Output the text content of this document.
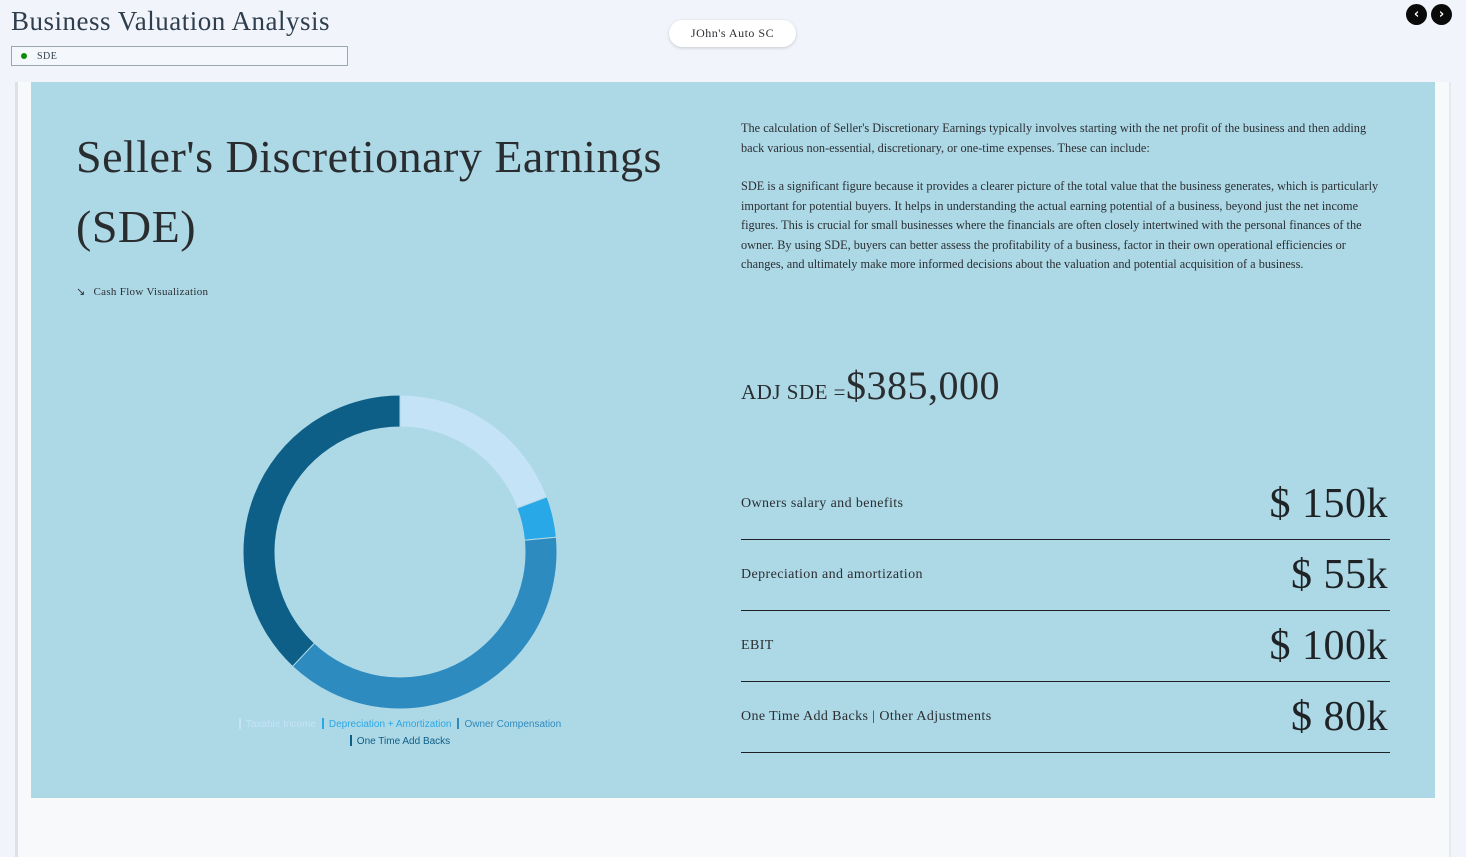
Business Valuation Analysis
SDE
JOhn's Auto SC
‹	›
Seller's Discretionary Earnings (SDE)
↘ Cash Flow Visualization

The calculation of Seller's Discretionary Earnings typically involves starting with the net profit of the business and then adding back various non-essential, discretionary, or one-time expenses. These can include:

SDE is a significant figure because it provides a clearer picture of the total value that the business generates, which is particularly important for potential buyers. It helps in understanding the actual earning potential of a business, beyond just the net income figures. This is crucial for small businesses where the financials are often closely intertwined with the personal finances of the owner. By using SDE, buyers can better assess the profitability of a business, factor in their own operational efficiencies or changes, and ultimately make more informed decisions about the valuation and potential acquisition of a business.

ADJ SDE = $385,000
Owners salary and benefits	$ 150k
Depreciation and amortization	$ 55k
EBIT	$ 100k
One Time Add Backs | Other Adjustments	$ 80k
Taxable Income Depreciation + Amortization Owner Compensation
One Time Add Backs
